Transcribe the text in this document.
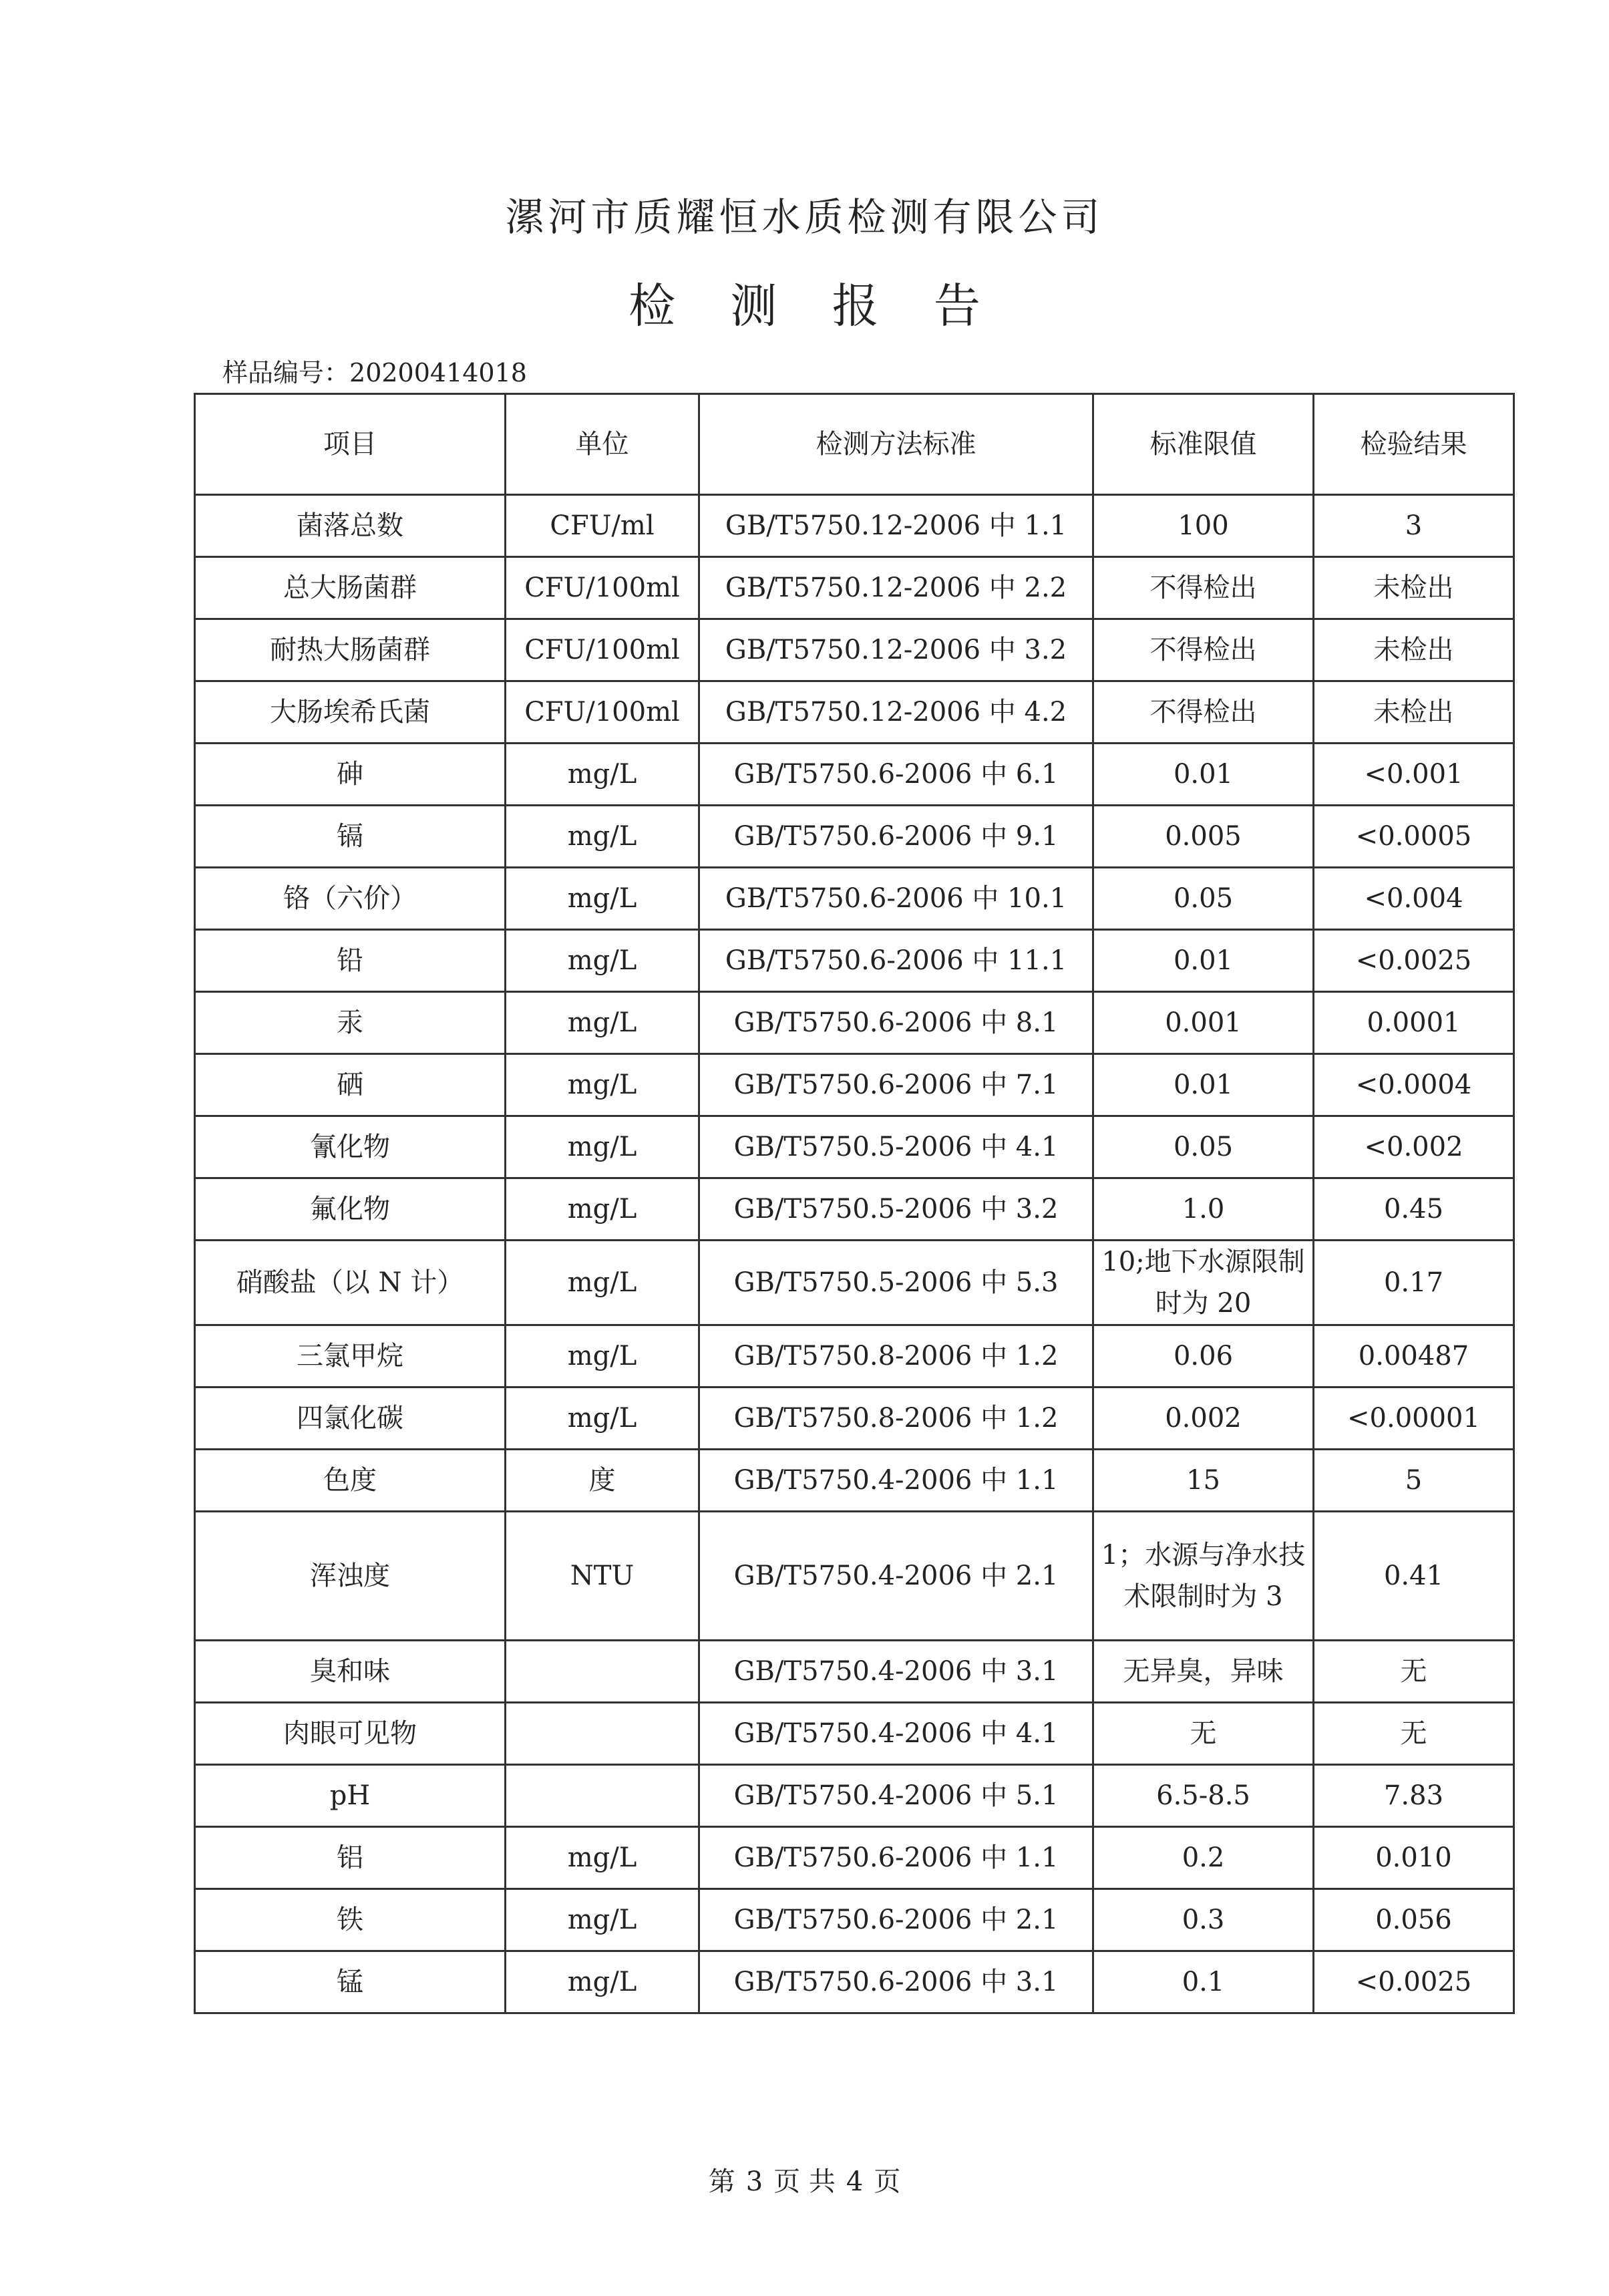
漯河市质耀恒水质检测有限公司
检 测 报 告
样品编号：20200414018
项目	单位	检测方法标准	标准限值	检验结果
菌落总数	CFU/ml	GB/T5750.12-2006 中 1.1	100	3
总大肠菌群	CFU/100ml	GB/T5750.12-2006 中 2.2	不得检出	未检出
耐热大肠菌群	CFU/100ml	GB/T5750.12-2006 中 3.2	不得检出	未检出
大肠埃希氏菌	CFU/100ml	GB/T5750.12-2006 中 4.2	不得检出	未检出
砷	mg/L	GB/T5750.6-2006 中 6.1	0.01	<0.001
镉	mg/L	GB/T5750.6-2006 中 9.1	0.005	<0.0005
铬（六价）	mg/L	GB/T5750.6-2006 中 10.1	0.05	<0.004
铅	mg/L	GB/T5750.6-2006 中 11.1	0.01	<0.0025
汞	mg/L	GB/T5750.6-2006 中 8.1	0.001	0.0001
硒	mg/L	GB/T5750.6-2006 中 7.1	0.01	<0.0004
氰化物	mg/L	GB/T5750.5-2006 中 4.1	0.05	<0.002
氟化物	mg/L	GB/T5750.5-2006 中 3.2	1.0	0.45
硝酸盐（以 N 计）	mg/L	GB/T5750.5-2006 中 5.3	10;地下水源限制时为 20	0.17
三氯甲烷	mg/L	GB/T5750.8-2006 中 1.2	0.06	0.00487
四氯化碳	mg/L	GB/T5750.8-2006 中 1.2	0.002	<0.00001
色度	度	GB/T5750.4-2006 中 1.1	15	5
浑浊度	NTU	GB/T5750.4-2006 中 2.1	1；水源与净水技术限制时为 3	0.41
臭和味		GB/T5750.4-2006 中 3.1	无异臭，异味	无
肉眼可见物		GB/T5750.4-2006 中 4.1	无	无
pH		GB/T5750.4-2006 中 5.1	6.5-8.5	7.83
铝	mg/L	GB/T5750.6-2006 中 1.1	0.2	0.010
铁	mg/L	GB/T5750.6-2006 中 2.1	0.3	0.056
锰	mg/L	GB/T5750.6-2006 中 3.1	0.1	<0.0025
第 3 页 共 4 页
